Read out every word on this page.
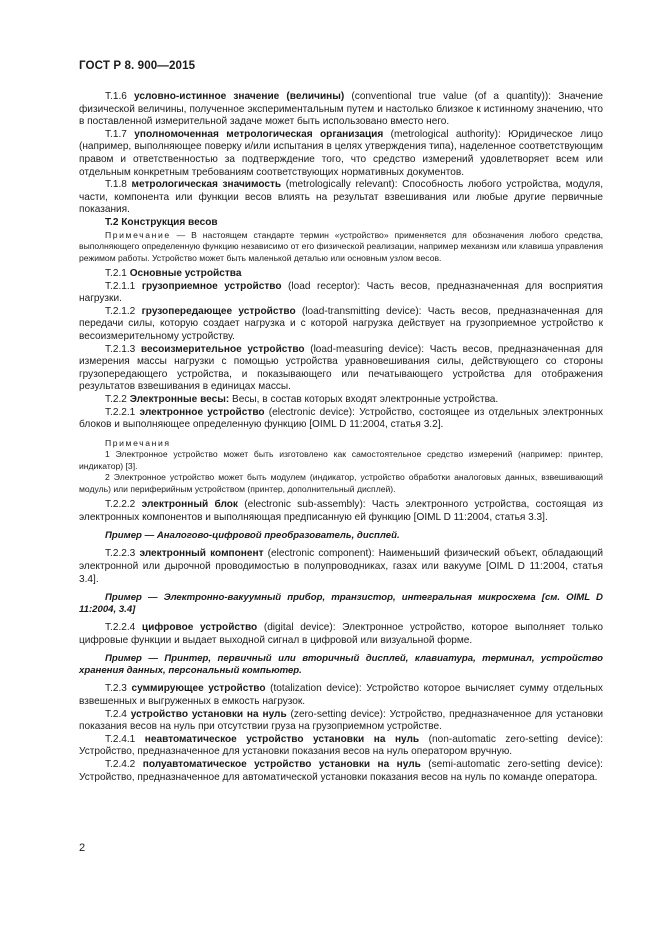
ГОСТ Р 8. 900—2015

T.1.6 условно-истинное значение (величины) (conventional true value (of a quantity)): Значение физической величины, полученное экспериментальным путем и настолько близкое к истинному значению, что в поставленной измерительной задаче может быть использовано вместо него.

T.1.7 уполномоченная метрологическая организация (metrological authority): Юридическое лицо (например, выполняющее поверку и/или испытания в целях утверждения типа), наделенное соответствующим правом и ответственностью за подтверждение того, что средство измерений удовлетворяет всем или отдельным конкретным требованиям соответствующих нормативных документов.

T.1.8 метрологическая значимость (metrologically relevant): Способность любого устройства, модуля, части, компонента или функции весов влиять на результат взвешивания или любые другие первичные показания.

T.2 Конструкция весов

Примечание — В настоящем стандарте термин «устройство» применяется для обозначения любого средства, выполняющего определенную функцию независимо от его физической реализации, например механизм или клавиша управления режимом работы. Устройство может быть маленькой деталью или основным узлом весов.

T.2.1 Основные устройства

T.2.1.1 грузоприемное устройство (load receptor): Часть весов, предназначенная для восприятия нагрузки.

T.2.1.2 грузопередающее устройство (load-transmitting device): Часть весов, предназначенная для передачи силы, которую создает нагрузка и с которой нагрузка действует на грузоприемное устройство к весоизмерительному устройству.

T.2.1.3 весоизмерительное устройство (load-measuring device): Часть весов, предназначенная для измерения массы нагрузки с помощью устройства уравновешивания силы, действующего со стороны грузопередающего устройства, и показывающего или печатывающего устройства для отображения результатов взвешивания в единицах массы.

T.2.2 Электронные весы: Весы, в состав которых входят электронные устройства.

T.2.2.1 электронное устройство (electronic device): Устройство, состоящее из отдельных электронных блоков и выполняющее определенную функцию [OIML D 11:2004, статья 3.2].

Примечания

1 Электронное устройство может быть изготовлено как самостоятельное средство измерений (например: принтер, индикатор) [3].

2 Электронное устройство может быть модулем (индикатор, устройство обработки аналоговых данных, взвешивающий модуль) или периферийным устройством (принтер, дополнительный дисплей).

T.2.2.2 электронный блок (electronic sub-assembly): Часть электронного устройства, состоящая из электронных компонентов и выполняющая предписанную ей функцию [OIML D 11:2004, статья 3.3].

Пример — Аналогово-цифровой преобразователь, дисплей.

T.2.2.3 электронный компонент (electronic component): Наименьший физический объект, обладающий электронной или дырочной проводимостью в полупроводниках, газах или вакууме [OIML D 11:2004, статья 3.4].

Пример — Электронно-вакуумный прибор, транзистор, интегральная микросхема [см. OIML D 11:2004, 3.4]

T.2.2.4 цифровое устройство (digital device): Электронное устройство, которое выполняет только цифровые функции и выдает выходной сигнал в цифровой или визуальной форме.

Пример — Принтер, первичный или вторичный дисплей, клавиатура, терминал, устройство хранения данных, персональный компьютер.

T.2.3 суммирующее устройство (totalization device): Устройство которое вычисляет сумму отдельных взвешенных и выгруженных в емкость нагрузок.

T.2.4 устройство установки на нуль (zero-setting device): Устройство, предназначенное для установки показания весов на нуль при отсутствии груза на грузоприемном устройстве.

T.2.4.1 неавтоматическое устройство установки на нуль (non-automatic zero-setting device): Устройство, предназначенное для установки показания весов на нуль оператором вручную.

T.2.4.2 полуавтоматическое устройство установки на нуль (semi-automatic zero-setting device): Устройство, предназначенное для автоматической установки показания весов на нуль по команде оператора.

2
